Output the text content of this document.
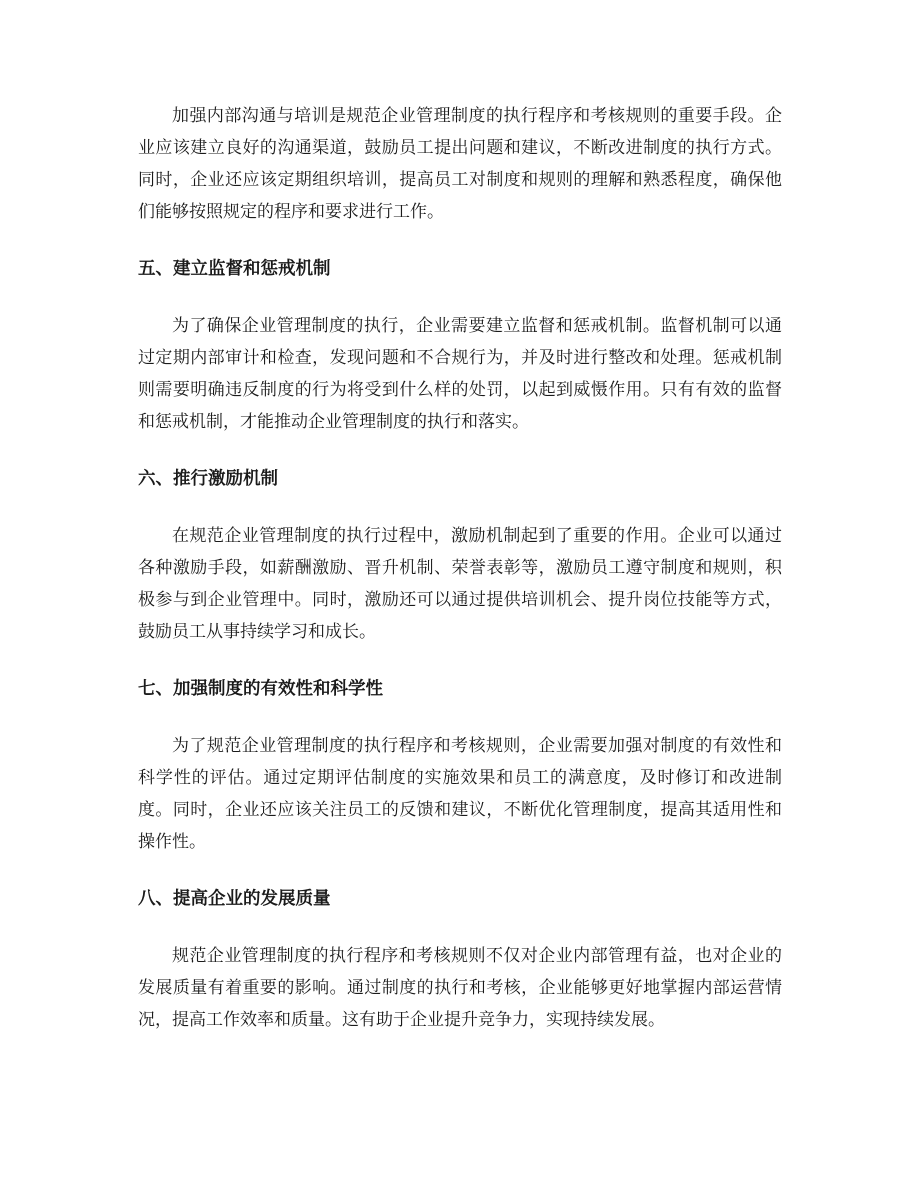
加强内部沟通与培训是规范企业管理制度的执行程序和考核规则的重要手段。企业应该建立良好的沟通渠道，鼓励员工提出问题和建议，不断改进制度的执行方式。同时，企业还应该定期组织培训，提高员工对制度和规则的理解和熟悉程度，确保他们能够按照规定的程序和要求进行工作。

五、建立监督和惩戒机制

为了确保企业管理制度的执行，企业需要建立监督和惩戒机制。监督机制可以通过定期内部审计和检查，发现问题和不合规行为，并及时进行整改和处理。惩戒机制则需要明确违反制度的行为将受到什么样的处罚，以起到威慑作用。只有有效的监督和惩戒机制，才能推动企业管理制度的执行和落实。

六、推行激励机制

在规范企业管理制度的执行过程中，激励机制起到了重要的作用。企业可以通过各种激励手段，如薪酬激励、晋升机制、荣誉表彰等，激励员工遵守制度和规则，积极参与到企业管理中。同时，激励还可以通过提供培训机会、提升岗位技能等方式，鼓励员工从事持续学习和成长。

七、加强制度的有效性和科学性

为了规范企业管理制度的执行程序和考核规则，企业需要加强对制度的有效性和科学性的评估。通过定期评估制度的实施效果和员工的满意度，及时修订和改进制度。同时，企业还应该关注员工的反馈和建议，不断优化管理制度，提高其适用性和操作性。

八、提高企业的发展质量

规范企业管理制度的执行程序和考核规则不仅对企业内部管理有益，也对企业的发展质量有着重要的影响。通过制度的执行和考核，企业能够更好地掌握内部运营情况，提高工作效率和质量。这有助于企业提升竞争力，实现持续发展。
